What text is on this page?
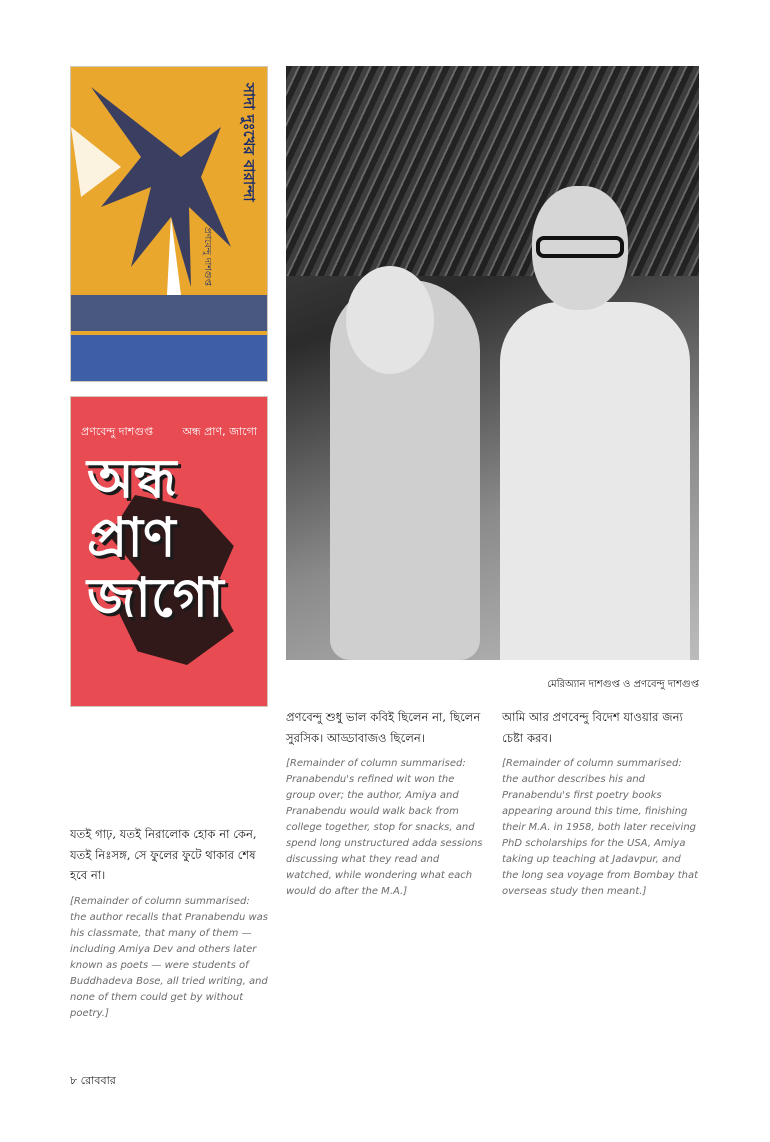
সাদা দুঃখের বারান্দা
প্রণবেন্দু দাশগুপ্ত
প্রণবেন্দু দাশগুপ্ত	অন্ধ প্রাণ, জাগো
অন্ধ প্রাণ জাগো
মেরিঅ্যান দাশগুপ্ত ও প্রণবেন্দু দাশগুপ্ত

যতই গাঢ়, যতই নিরালোক হোক না কেন, যতই নিঃসঙ্গ, সে ফুলের ফুটে থাকার শেষ হবে না।

[Remainder of column summarised: the author recalls that Pranabendu was his classmate, that many of them — including Amiya Dev and others later known as poets — were students of Buddhadeva Bose, all tried writing, and none of them could get by without poetry.]

প্রণবেন্দু শুধু ভাল কবিই ছিলেন না, ছিলেন সুরসিক। আড্ডাবাজও ছিলেন।

[Remainder of column summarised: Pranabendu's refined wit won the group over; the author, Amiya and Pranabendu would walk back from college together, stop for snacks, and spend long unstructured adda sessions discussing what they read and watched, while wondering what each would do after the M.A.]

আমি আর প্রণবেন্দু বিদেশ যাওয়ার জন্য চেষ্টা করব।

[Remainder of column summarised: the author describes his and Pranabendu's first poetry books appearing around this time, finishing their M.A. in 1958, both later receiving PhD scholarships for the USA, Amiya taking up teaching at Jadavpur, and the long sea voyage from Bombay that overseas study then meant.]

৮ রোববার
